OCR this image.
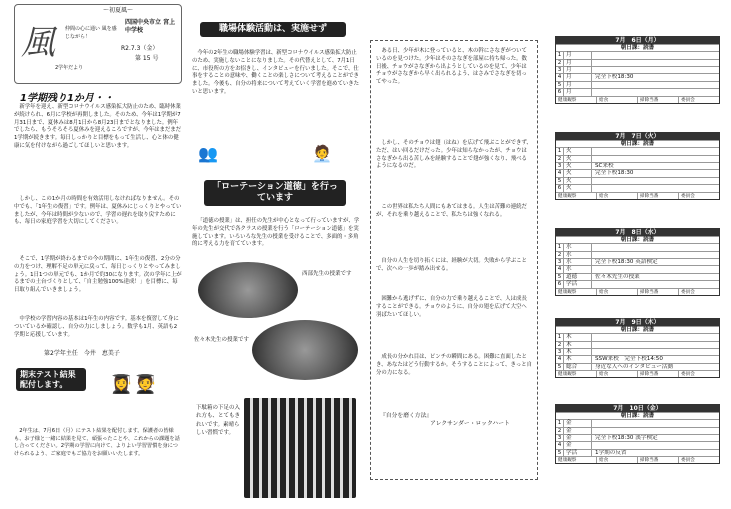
〜初夏風〜
風 仲間の心に通い 風を感じながら！
四国中央市立 宮上中学校
R2.7.3（金）
第 15 号
2学年だより
1学期残り1か月・・

新学年を迎え、新型コロナウイルス感染拡大防止のため、臨時休業が続けられ、6月に学校が再開しました。そのため、今年は1学期が7月31日まで、夏休みは8月1日から8月23日までとなりました。例年でしたら、もうそろそろ夏休みを迎えるころですが、今年はまだまだ1学期が続きます。毎日しっかりと目標をもって生活し、心と体の健康に気を付けながら過ごしてほしいと思います。

しかし、この1か月の時間を有効活用しなければなりません。その中でも、「1年生の復習」です。例年は、夏休みにじっくりとやっていましたが、今年は時間が少ないので、学習の遅れを取り戻すためにも、毎日の家庭学習を大切にしてください。

そこで、1学期が終わるまでの今の期間に、1年生の復習、2分の分の力をつけ、理解不足の単元に戻って、毎日じっくりとやってみましょう。1日1つの単元でも、1か月で約30になります。次の学年に上がるまでの土台づくりとして、「自主勉強100%達成！」を目標に、毎日取り組んでいきましょう。

中学校の学習内容の基本は1年生の内容です。基本を復習して身についているか確認し、自分の力にしましょう。数学も1月、英語も2学期と応援しています。

第2学年主任　今井　恵美子
期末テスト結果配付します。	👩‍🎓🧑‍🎓

2年生は、7月6日（月）にテスト結果を配付します。保護者の皆様も、お子様と一緒に結果を見て、頑張ったことや、これからの課題を話し合ってください。2学期の学習に向けて、よりよい学習習慣を身につけられるよう、ご家庭でもご協力をお願いいたします。

職場体験活動は、実施せず

今年の2年生の職場体験学習は、新型コロナウイルス感染拡大防止のため、実施しないことになりました。その代替えとして、7月1日に、市役所の方をお招きし、インタビューを行いました。そこで、仕事をすることの意味や、働くことの楽しさについて考えることができました。今後も、自分の将来について考えていく学習を進めていきたいと思います。

👥	🧑‍💼
「ローテーション道徳」を行っています

「道徳の授業」は、担任の先生が中心となって行っていますが、学年の先生が交代で各クラスの授業を行う「ローテーション道徳」を実施しています。いろいろな先生の授業を受けることで、多面的・多角的に考える力を育てています。

西部先生の授業です
佐々木先生の授業です
下駄箱の下足の入れ方も、とてもきれいです。素晴らしい習慣です。

ある日、少年が木に登っていると、木の幹にさなぎがついているのを見つけた。少年はそのさなぎを部屋に持ち帰った。数日後、チョウがさなぎから出ようとしているのを見て、少年はチョウがさなぎから早く出られるよう、はさみでさなぎを切ってやった。

しかし、そのチョウは翅（はね）を広げて飛ぶことができず、ただ、はい回るだけだった。少年は知らなかったが、チョウはさなぎから出る苦しみを経験することで翅が強くなり、飛べるようになるのだ。

この世界は私たち人間にもあてはまる。人生は苦難の連続だが、それを乗り越えることで、私たちは強くなれる。

自分の人生を切り拓くには、経験が大切。失敗から学ぶことで、次への一歩が踏み出せる。

困難から逃げずに、自分の力で乗り越えることで、人は成長することができる。チョウのように、自分の翅を広げて大空へ羽ばたいてほしい。

成長の分かれ目は、ピンチの瞬間にある。困難に直面したとき、あなたはどう行動するか。そうすることによって、きっと自分の力になる。

『自分を磨く方法』
アレクサンダー・ロックハート
7月　6日（月）
朝日課：読書
1 月
2 月
3 月
4 月	完全下校18:30
5 月
6 月
健康観察	給食	掃除当番	委員会
7月　7日（火）
朝日課：読書
1 火
2 火
3 火	SC来校
4 火	完全下校18:30
5 火
6 火
健康観察	給食	掃除当番	委員会
7月　8日（水）
朝日課：読書
1 水
2 水
3 水	完全下校18:30 英語検定
4 水
5 道徳	佐々木先生の授業
6 学活
健康観察	給食	掃除当番	委員会
7月　9日（木）
朝日課：読書
1 木
2 木
3 木
4 木	SSW来校　完全下校14:50
5 総合	身近な人へのインタビュー活動
健康観察	給食	掃除当番	委員会
7月　10日（金）
朝日課：読書
1 金
2 金
3 金	完全下校18:30 漢字検定
4 金
5 学活	1学期の反省
健康観察	給食	掃除当番	委員会
